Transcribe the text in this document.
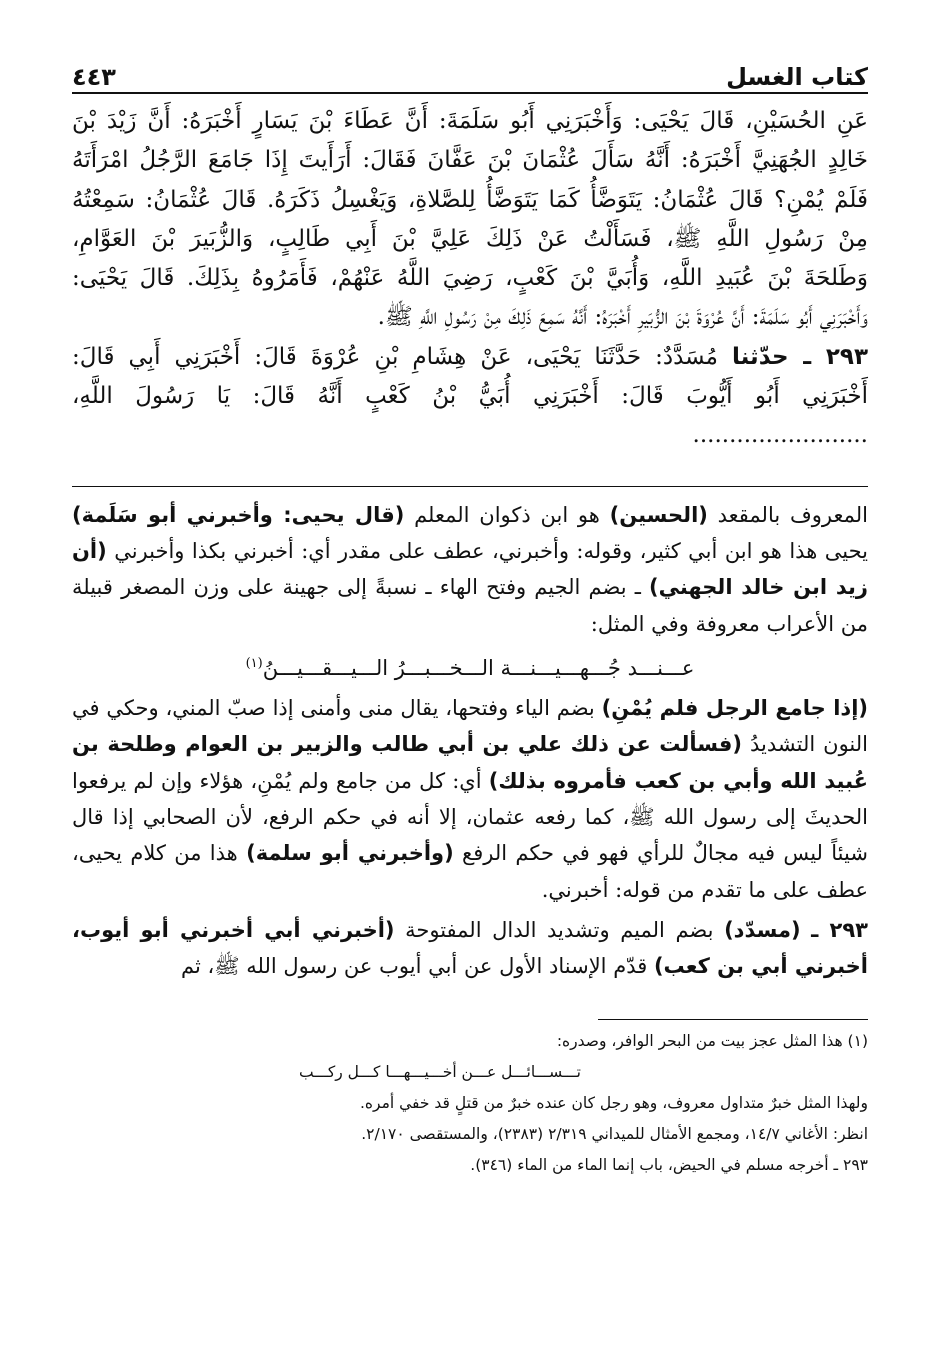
كتاب الغسل
٤٤٣

عَنِ الحُسَيْنِ، قَالَ يَحْيَى: وَأَخْبَرَنِي أَبُو سَلَمَةَ: أَنَّ عَطَاءَ بْنَ يَسَارٍ أَخْبَرَهُ: أَنَّ زَيْدَ بْنَ

خَالِدٍ الجُهَنِيَّ أَخْبَرَهُ: أَنَّهُ سَأَلَ عُثْمَانَ بْنَ عَفَّانَ فَقَالَ: أَرَأَيتَ إِذَا جَامَعَ الرَّجُلُ امْرَأَتَهُ

فَلَمْ يُمْنِ؟ قَالَ عُثْمَانُ: يَتَوَضَّأُ كَمَا يَتَوَضَّأُ لِلصَّلاةِ، وَيَغْسِلُ ذَكَرَهُ. قَالَ عُثْمَانُ: سَمِعْتُهُ

مِنْ رَسُولِ اللَّهِ ﷺ، فَسَأَلْتُ عَنْ ذَلِكَ عَلِيَّ بْنَ أَبِي طَالِبٍ، وَالزُّبَيرَ بْنَ العَوَّامِ،

وَطَلحَةَ بْنَ عُبَيدِ اللَّهِ، وَأُبَيَّ بْنَ كَعْبٍ، رَضِيَ اللَّهُ عَنْهُمْ، فَأَمَرُوهُ بِذَلِكَ. قَالَ يَحْيَى:

وَأَخْبَرَنِي أَبُو سَلَمَةَ: أَنَّ عُرْوَةَ بْنَ الزُّبَيرِ أَخْبَرَهُ: أَنَّهُ سَمِعَ ذَلِكَ مِنْ رَسُولِ اللَّهِ ﷺ.

٢٩٣ ـ حدّثنا مُسَدَّدٌ: حَدَّثَنَا يَحْيَى، عَنْ هِشَامِ بْنِ عُرْوَةَ قَالَ: أَخْبَرَنِي أَبِي قَالَ:

أَخْبَرَنِي أَبُو أَيُّوبَ قَالَ: أَخْبَرَنِي أُبَيُّ بْنُ كَعْبٍ أَنَّهُ قَالَ: يَا رَسُولَ اللَّهِ، ........................

المعروف بالمقعد (الحسين) هو ابن ذكوان المعلم (قال يحيى: وأخبرني أبو سَلَمة) يحيى هذا هو ابن أبي كثير، وقوله: وأخبرني، عطف على مقدر أي: أخبرني بكذا وأخبرني (أن زيد ابن خالد الجهني) ـ بضم الجيم وفتح الهاء ـ نسبةً إلى جهينة على وزن المصغر قبيلة من الأعراب معروفة وفي المثل:

عـــنـــد جُـــهـــيـــنـــة الـــخـــبـــرُ الـــيـــقـــيـــنُ$^{(١)}$

(إذا جامع الرجل فلم يُمْنِ) بضم الياء وفتحها، يقال منى وأمنى إذا صبّ المني، وحكي في النون التشديدُ (فسألت عن ذلك علي بن أبي طالب والزبير بن العوام وطلحة بن عُبيد الله وأبي بن كعب فأمروه بذلك) أي: كل من جامع ولم يُمْنِ، هؤلاء وإن لم يرفعوا الحديثَ إلى رسول الله ﷺ، كما رفعه عثمان، إلا أنه في حكم الرفع، لأن الصحابي إذا قال شيئاً ليس فيه مجالٌ للرأي فهو في حكم الرفع (وأخبرني أبو سلمة) هذا من كلام يحيى، عطف على ما تقدم من قوله: أخبرني.

٢٩٣ ـ (مسدّد) بضم الميم وتشديد الدال المفتوحة (أخبرني أبي أخبرني أبو أيوب، أخبرني أبي بن كعب) قدّم الإسناد الأول عن أبي أيوب عن رسول الله ﷺ، ثم

(١) هذا المثل عجز بيت من البحر الوافر، وصدره:

تـــســـائـــل عـــن أخـــيـــهـــا كـــل ركـــب

ولهذا المثل خبرٌ متداول معروف، وهو رجل كان عنده خبرٌ من قتلٍ قد خفي أمره.

انظر: الأغاني ١٤/٧، ومجمع الأمثال للميداني ٢/٣١٩ (٢٣٨٣)، والمستقصى ٢/١٧٠.

٢٩٣ ـ أخرجه مسلم في الحيض، باب إنما الماء من الماء (٣٤٦).
